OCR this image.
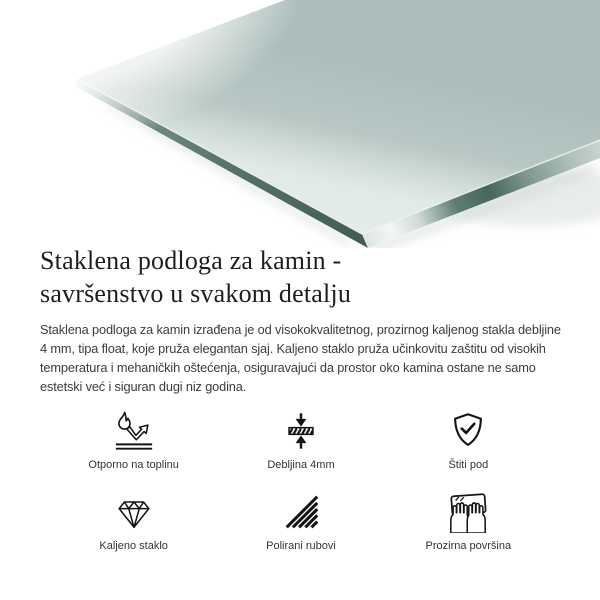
Staklena podloga za kamin -
savršenstvo u svakom detalju

Staklena podloga za kamin izrađena je od visokokvalitetnog, prozirnog kaljenog stakla debljine 4 mm, tipa float, koje pruža elegantan sjaj. Kaljeno staklo pruža učinkovitu zaštitu od visokih temperatura i mehaničkih oštećenja, osiguravajući da prostor oko kamina ostane ne samo estetski već i siguran dugi niz godina.

Otporno na toplinu	Debljina 4mm	Štiti pod
Kaljeno staklo	Polirani rubovi	Prozirna površina
